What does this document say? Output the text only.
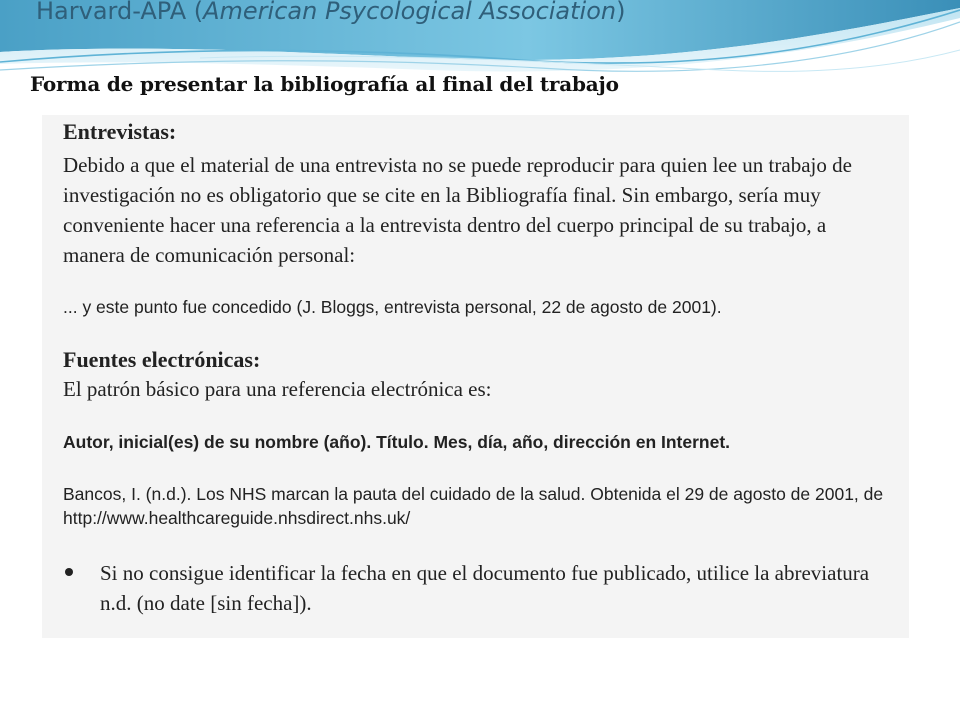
Harvard-APA (American Psycological Association)
Forma de presentar la bibliografía al final del trabajo

Entrevistas:

Debido a que el material de una entrevista no se puede reproducir para quien lee un trabajo de investigación no es obligatorio que se cite en la Bibliografía final. Sin embargo, sería muy conveniente hacer una referencia a la entrevista dentro del cuerpo principal de su trabajo, a manera de comunicación personal:

... y este punto fue concedido (J. Bloggs, entrevista personal, 22 de agosto de 2001).

Fuentes electrónicas:

El patrón básico para una referencia electrónica es:

Autor, inicial(es) de su nombre (año). Título. Mes, día, año, dirección en Internet.

Bancos, I. (n.d.). Los NHS marcan la pauta del cuidado de la salud. Obtenida el 29 de agosto de 2001, de http://www.healthcareguide.nhsdirect.nhs.uk/

Si no consigue identificar la fecha en que el documento fue publicado, utilice la abreviatura n.d. (no date [sin fecha]).
